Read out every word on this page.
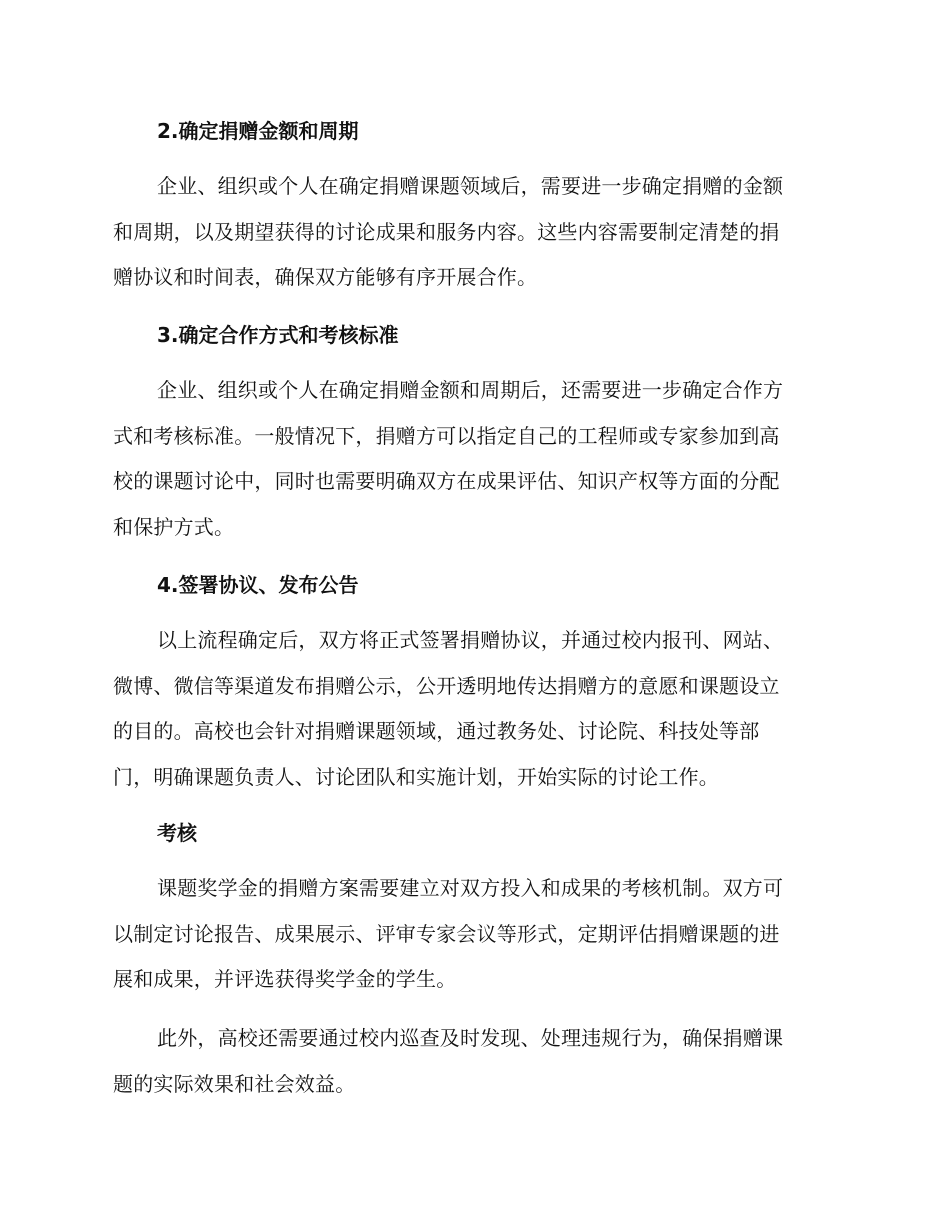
2.确定捐赠金额和周期

企业、组织或个人在确定捐赠课题领域后，需要进一步确定捐赠的金额
和周期，以及期望获得的讨论成果和服务内容。这些内容需要制定清楚的捐
赠协议和时间表，确保双方能够有序开展合作。

3.确定合作方式和考核标准

企业、组织或个人在确定捐赠金额和周期后，还需要进一步确定合作方
式和考核标准。一般情况下，捐赠方可以指定自己的工程师或专家参加到高
校的课题讨论中，同时也需要明确双方在成果评估、知识产权等方面的分配
和保护方式。

4.签署协议、发布公告

以上流程确定后，双方将正式签署捐赠协议，并通过校内报刊、网站、
微博、微信等渠道发布捐赠公示，公开透明地传达捐赠方的意愿和课题设立
的目的。高校也会针对捐赠课题领域，通过教务处、讨论院、科技处等部
门，明确课题负责人、讨论团队和实施计划，开始实际的讨论工作。

考核

课题奖学金的捐赠方案需要建立对双方投入和成果的考核机制。双方可
以制定讨论报告、成果展示、评审专家会议等形式，定期评估捐赠课题的进
展和成果，并评选获得奖学金的学生。

此外，高校还需要通过校内巡查及时发现、处理违规行为，确保捐赠课
题的实际效果和社会效益。
